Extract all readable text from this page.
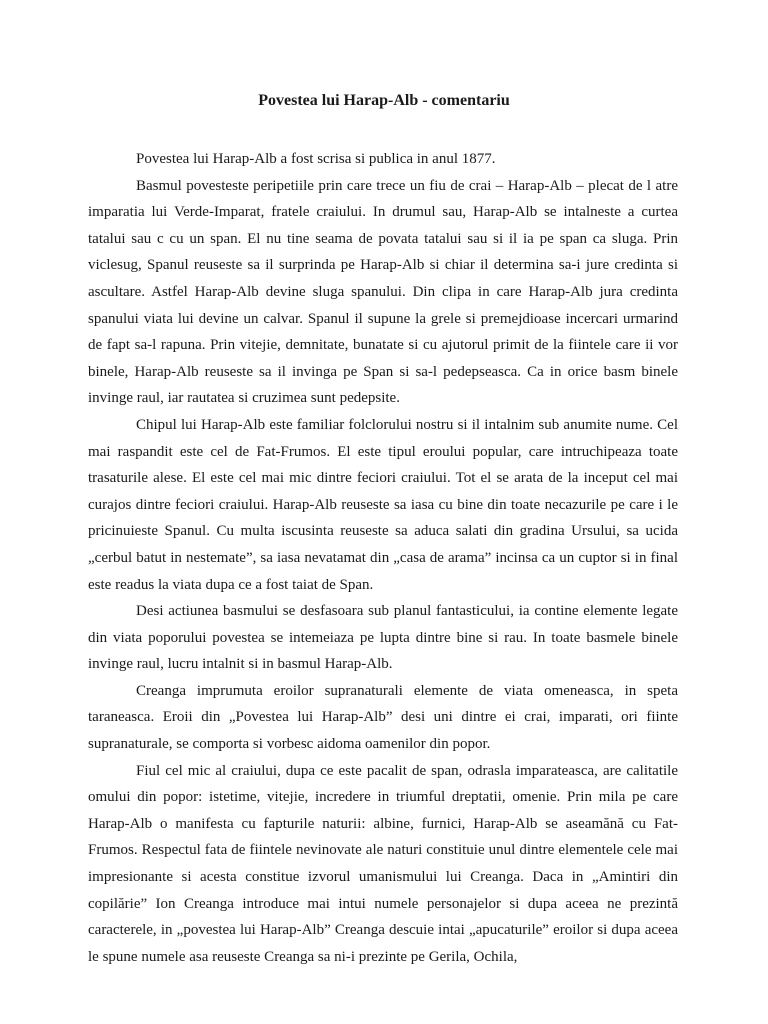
Povestea lui Harap-Alb - comentariu

Povestea lui Harap-Alb a fost scrisa si publica in anul 1877.

Basmul povesteste peripetiile prin care trece un fiu de crai – Harap-Alb – plecat de l atre imparatia lui Verde-Imparat, fratele craiului. In drumul sau, Harap-Alb se intalneste a curtea tatalui sau c cu un span. El nu tine seama de povata tatalui sau si il ia pe span ca sluga. Prin viclesug, Spanul reuseste sa il surprinda pe Harap-Alb si chiar il determina sa-i jure credinta si ascultare. Astfel Harap-Alb devine sluga spanului. Din clipa in care Harap-Alb jura credinta spanului viata lui devine un calvar. Spanul il supune la grele si premejdioase incercari urmarind de fapt sa-l rapuna. Prin vitejie, demnitate, bunatate si cu ajutorul primit de la fiintele care ii vor binele, Harap-Alb reuseste sa il invinga pe Span si sa-l pedepseasca. Ca in orice basm binele invinge raul, iar rautatea si cruzimea sunt pedepsite.

Chipul lui Harap-Alb este familiar folclorului nostru si il intalnim sub anumite nume. Cel mai raspandit este cel de Fat-Frumos. El este tipul eroului popular, care intruchipeaza toate trasaturile alese. El este cel mai mic dintre feciori craiului. Tot el se arata de la inceput cel mai curajos dintre feciori craiului. Harap-Alb reuseste sa iasa cu bine din toate necazurile pe care i le pricinuieste Spanul. Cu multa iscusinta reuseste sa aduca salati din gradina Ursului, sa ucida „cerbul batut in nestemate”, sa iasa nevatamat din „casa de arama” incinsa ca un cuptor si in final este readus la viata dupa ce a fost taiat de Span.

Desi actiunea basmului se desfasoara sub planul fantasticului, ia contine elemente legate din viata poporului povestea se intemeiaza pe lupta dintre bine si rau. In toate basmele binele invinge raul, lucru intalnit si in basmul Harap-Alb.

Creanga imprumuta eroilor supranaturali elemente de viata omeneasca, in speta taraneasca. Eroii din „Povestea lui Harap-Alb” desi uni dintre ei crai, imparati, ori fiinte supranaturale, se comporta si vorbesc aidoma oamenilor din popor.

Fiul cel mic al craiului, dupa ce este pacalit de span, odrasla imparateasca, are calitatile omului din popor: istetime, vitejie, incredere in triumful dreptatii, omenie. Prin mila pe care Harap-Alb o manifesta cu fapturile naturii: albine, furnici, Harap-Alb se aseamănă cu Fat-Frumos. Respectul fata de fiintele nevinovate ale naturi constituie unul dintre elementele cele mai impresionante si acesta constitue izvorul umanismului lui Creanga. Daca in „Amintiri din copilărie” Ion Creanga introduce mai intui numele personajelor si dupa aceea ne prezintă caracterele, in „povestea lui Harap-Alb” Creanga descuie intai „apucaturile” eroilor si dupa aceea le spune numele asa reuseste Creanga sa ni-i prezinte pe Gerila, Ochila,
